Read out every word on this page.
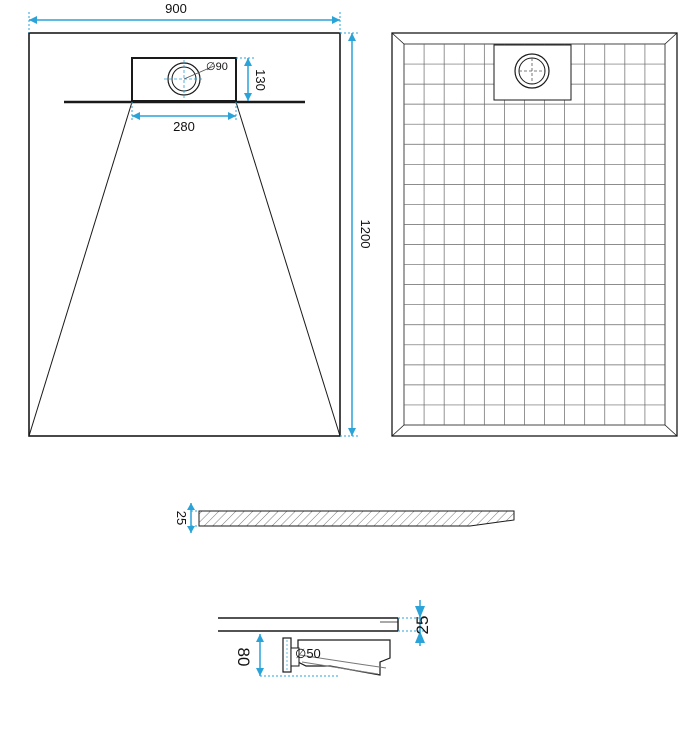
∅90
900
1200
130
280
25
∅50
80
25
